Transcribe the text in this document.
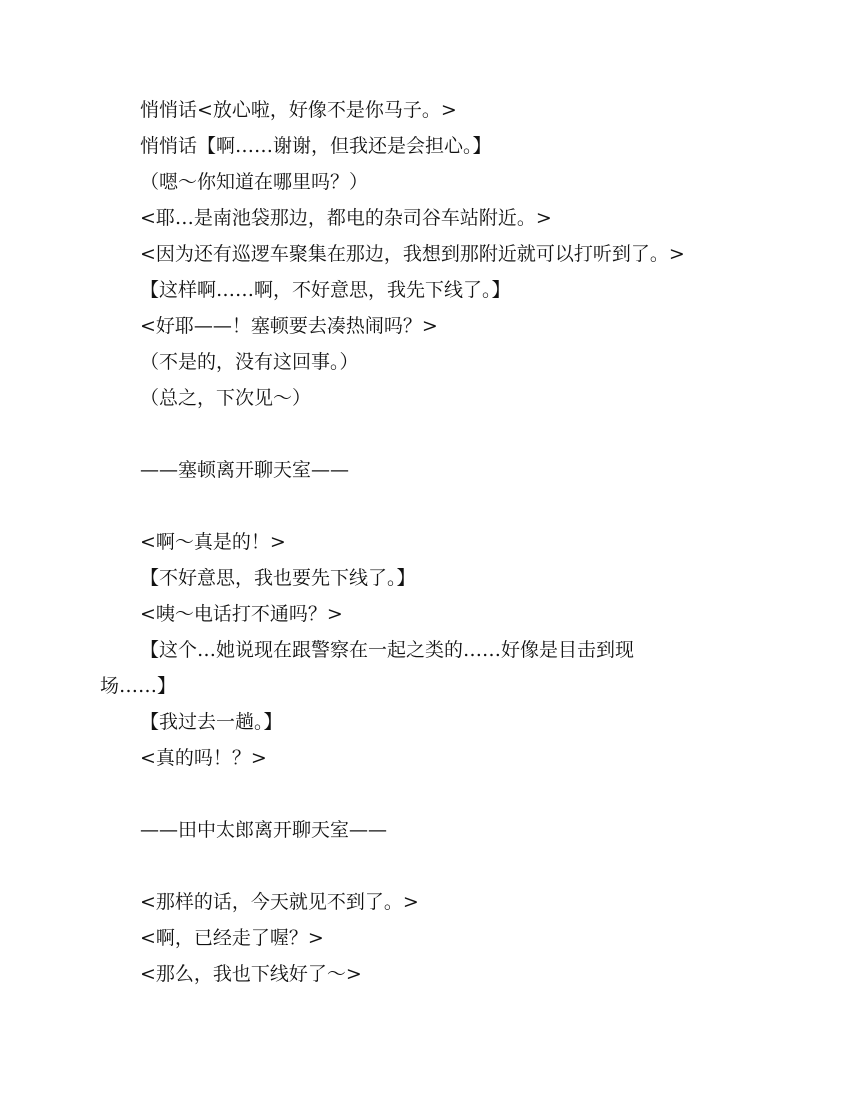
悄悄话<放心啦，好像不是你马子。>
悄悄话【啊……谢谢，但我还是会担心。】
（嗯～你知道在哪里吗？）
<耶…是南池袋那边，都电的杂司谷车站附近。>
<因为还有巡逻车聚集在那边，我想到那附近就可以打听到了。>
【这样啊……啊，不好意思，我先下线了。】
<好耶——！塞顿要去凑热闹吗？>
（不是的，没有这回事。）
（总之，下次见～）
——塞顿离开聊天室——
<啊～真是的！>
【不好意思，我也要先下线了。】
<咦～电话打不通吗？>
【这个…她说现在跟警察在一起之类的……好像是目击到现场……】
【我过去一趟。】
<真的吗！？>
——田中太郎离开聊天室——
<那样的话，今天就见不到了。>
<啊，已经走了喔？>
<那么，我也下线好了～>
